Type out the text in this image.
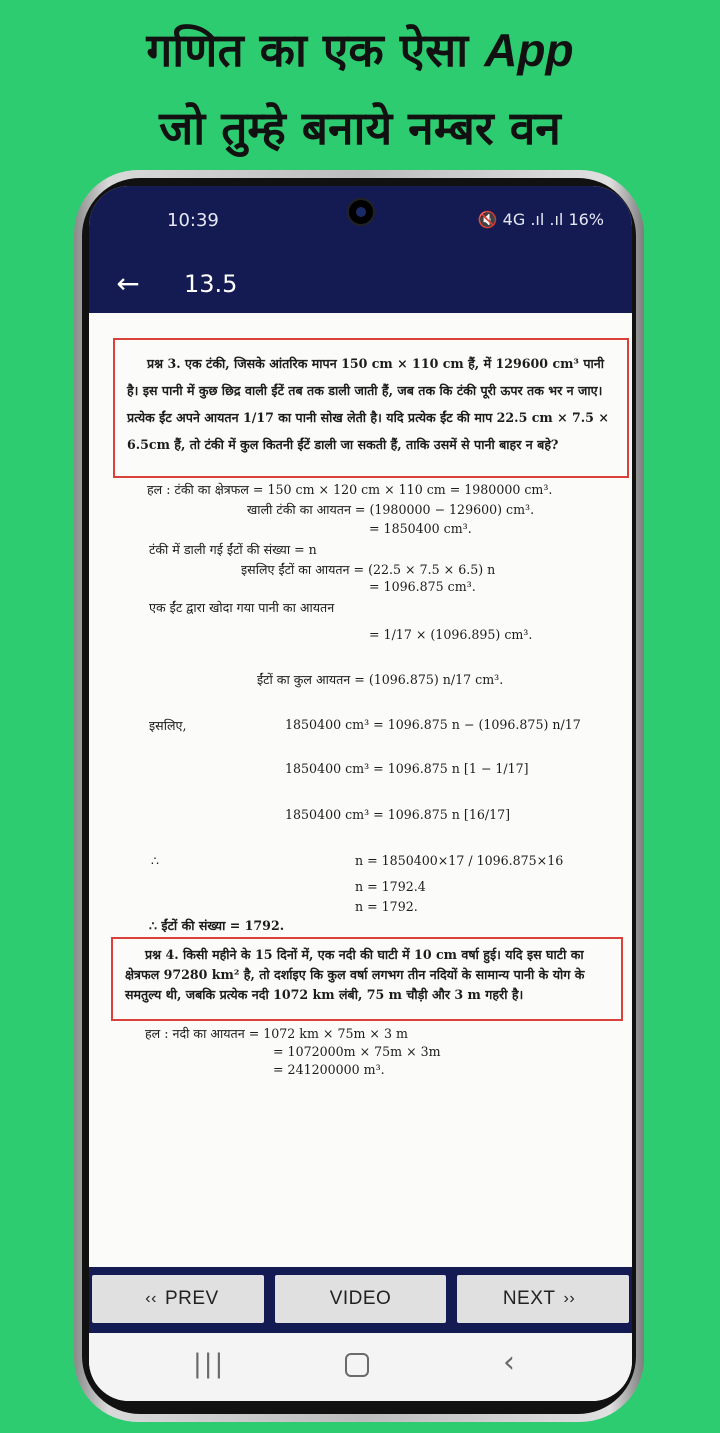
गणित का एक ऐसा App
जो तुम्हे बनाये नम्बर वन
10:39	🔇 4G .ıl .ıl 16%
← 13.5
प्रश्न 3. एक टंकी, जिसके आंतरिक मापन 150 cm × 110 cm हैं, में 129600 cm³ पानी है। इस पानी में कुछ छिद्र वाली ईंटें तब तक डाली जाती हैं, जब तक कि टंकी पूरी ऊपर तक भर न जाए। प्रत्येक ईंट अपने आयतन 1/17 का पानी सोख लेती है। यदि प्रत्येक ईंट की माप 22.5 cm × 7.5 × 6.5cm हैं, तो टंकी में कुल कितनी ईंटें डाली जा सकती हैं, ताकि उसमें से पानी बाहर न बहे?
हल : टंकी का क्षेत्रफल = 150 cm × 120 cm × 110 cm = 1980000 cm³.
खाली टंकी का आयतन = (1980000 − 129600) cm³.
= 1850400 cm³.
टंकी में डाली गई ईंटों की संख्या = n
इसलिए ईंटों का आयतन = (22.5 × 7.5 × 6.5) n
= 1096.875 cm³.
एक ईंट द्वारा खोदा गया पानी का आयतन
= 1/17 × (1096.895) cm³.
ईंटों का कुल आयतन = (1096.875) n/17 cm³.
इसलिए,	1850400 cm³ = 1096.875 n − (1096.875) n/17
1850400 cm³ = 1096.875 n [1 − 1/17]
1850400 cm³ = 1096.875 n [16/17]
∴	n = 1850400×17 / 1096.875×16
n = 1792.4
n = 1792.
∴ ईंटों की संख्या = 1792.
प्रश्न 4. किसी महीने के 15 दिनों में, एक नदी की घाटी में 10 cm वर्षा हुई। यदि इस घाटी का क्षेत्रफल 97280 km² है, तो दर्शाइए कि कुल वर्षा लगभग तीन नदियों के सामान्य पानी के योग के समतुल्य थी, जबकि प्रत्येक नदी 1072 km लंबी, 75 m चौड़ी और 3 m गहरी है।
हल : नदी का आयतन = 1072 km × 75m × 3 m
= 1072000m × 75m × 3m
= 241200000 m³.
‹‹ PREV	VIDEO	NEXT ››
|||	‹
